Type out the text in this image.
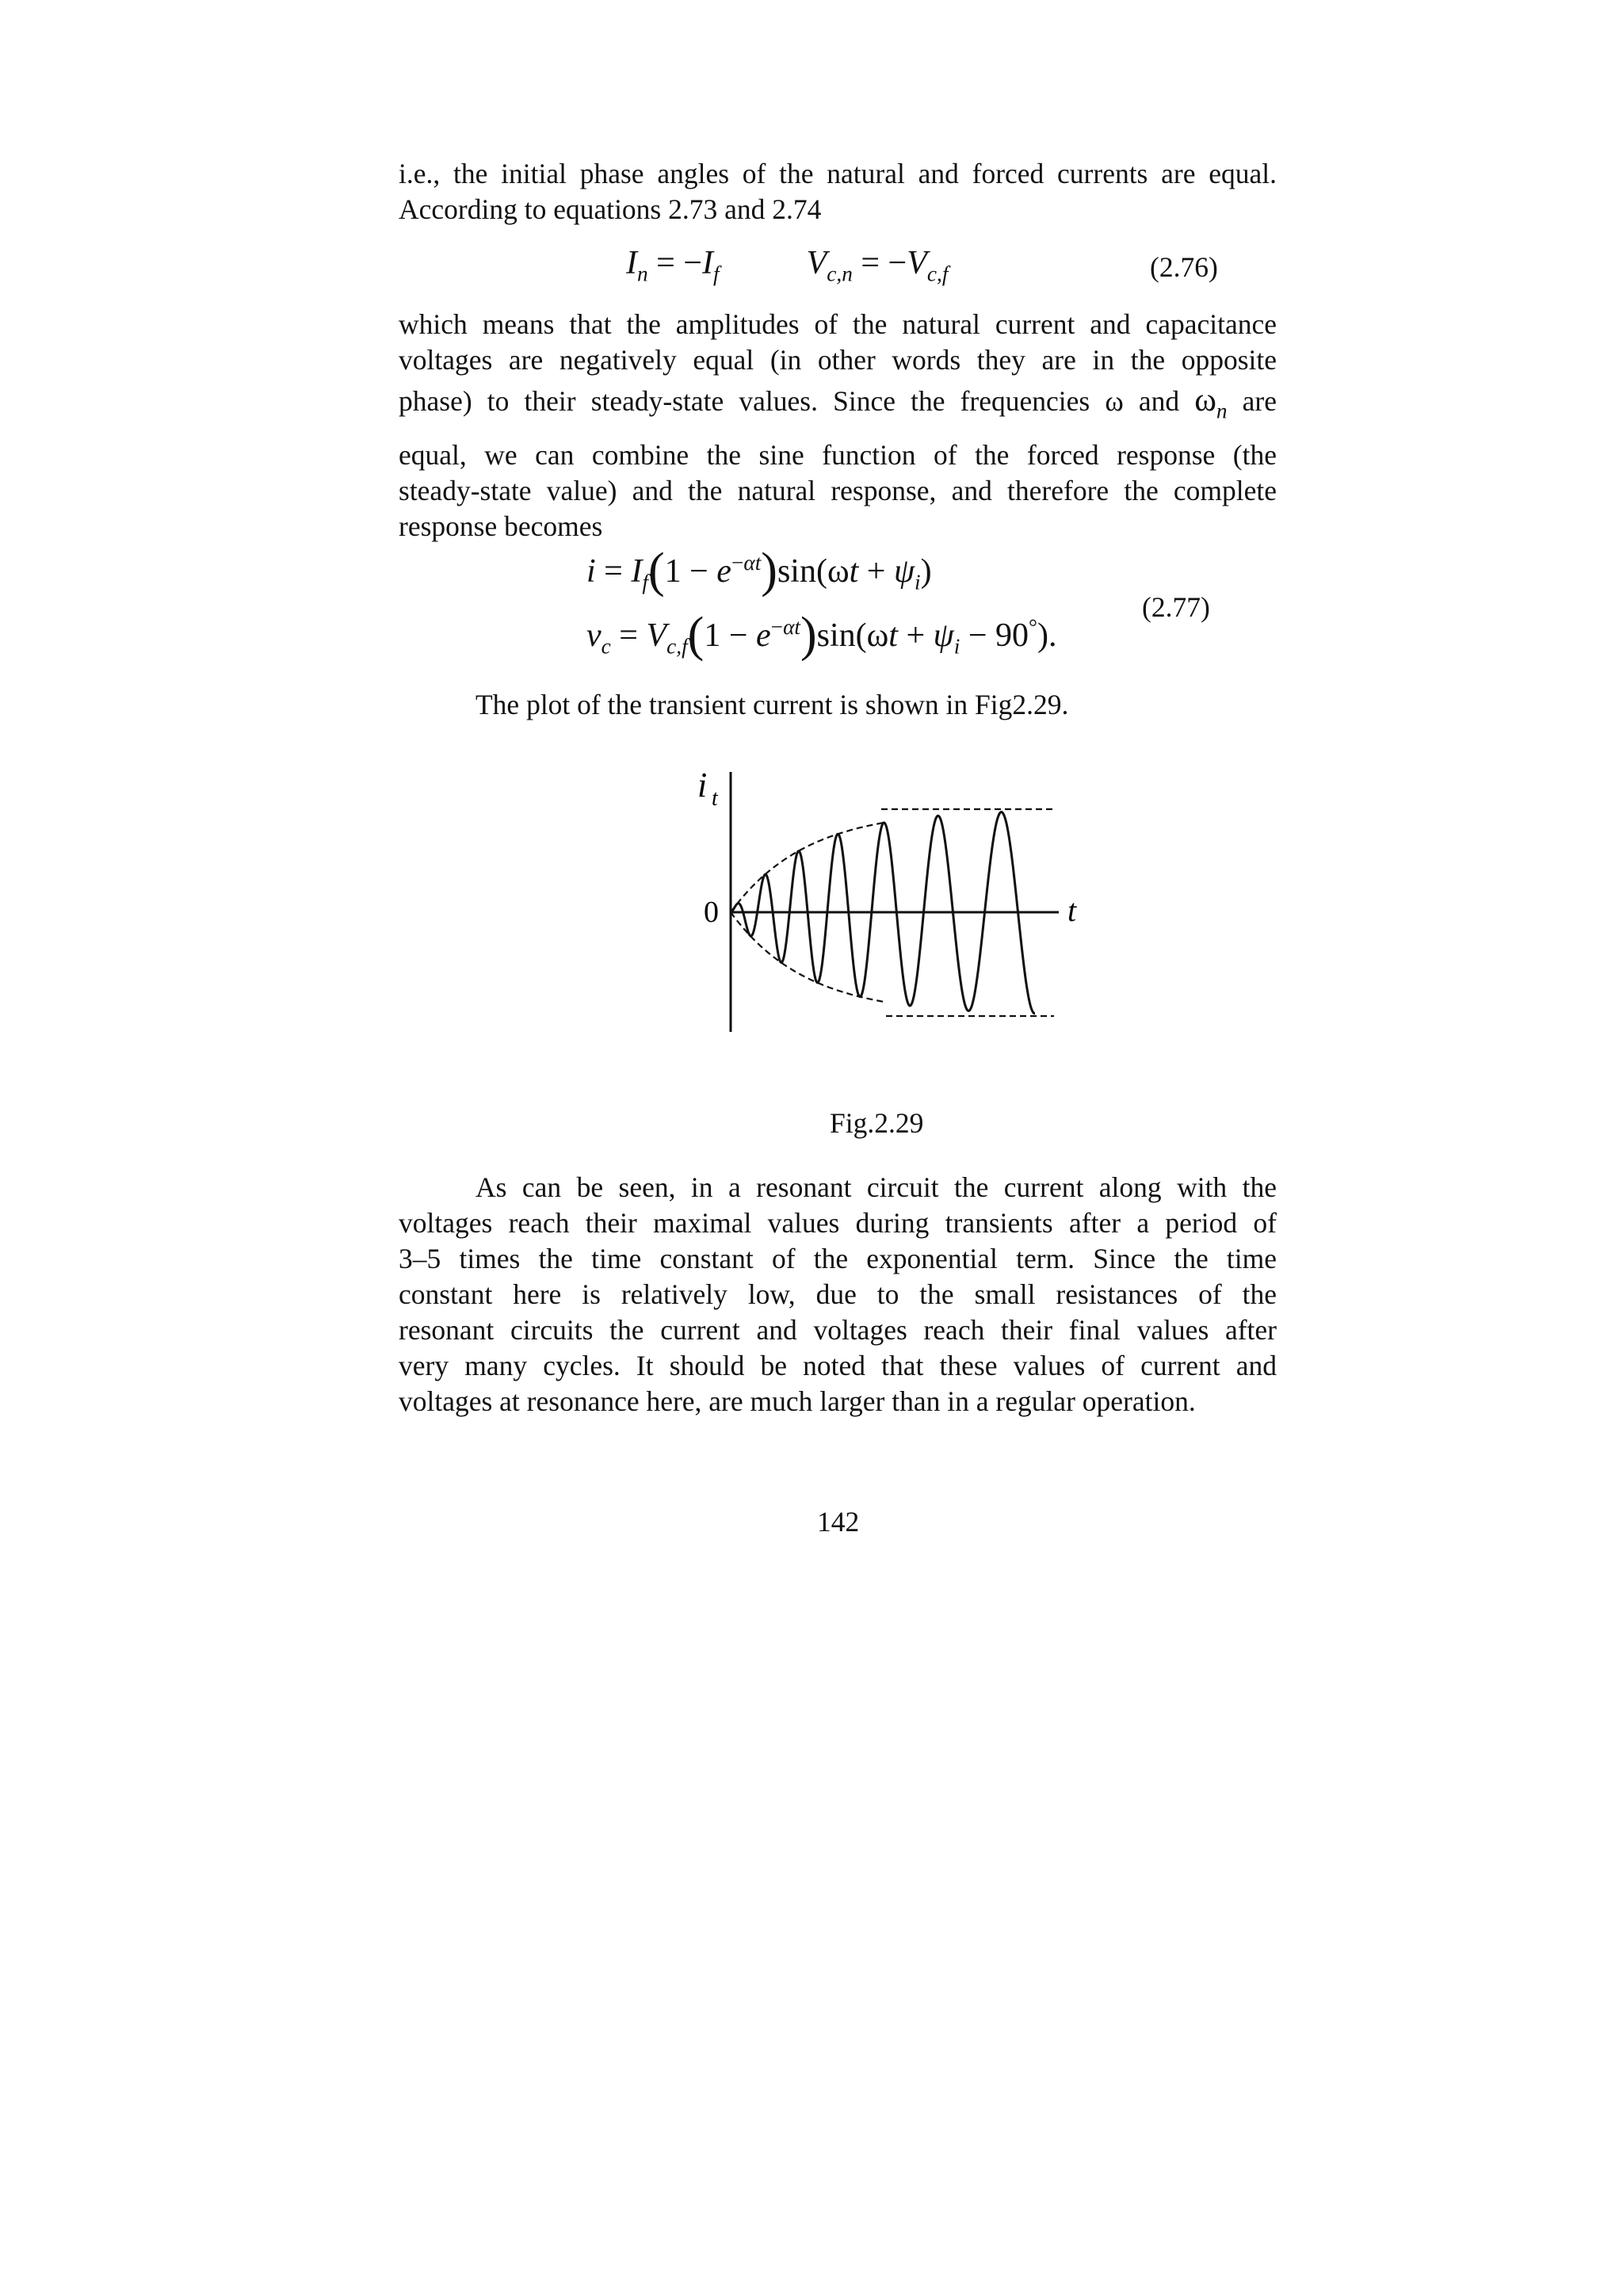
i.e., the initial phase angles of the natural and forced currents are equal.
According to equations 2.73 and 2.74
$I_n = -I_f$	$V_{c,n} = -V_{c,f}$	(2.76)
which means that the amplitudes of the natural current and capacitance
voltages are negatively equal (in other words they are in the opposite
phase) to their steady-state values. Since the frequencies ω and $\omega_n$ are
equal, we can combine the sine function of the forced response (the
steady-state value) and the natural response, and therefore the complete
response becomes
$i = I_f(1 - e^{-\alpha t})\sin(\omega t + \psi_i)$
$v_c = V_{c,f}(1 - e^{-\alpha t})\sin(\omega t + \psi_i - 90^\circ)$.
(2.77)
The plot of the transient current is shown in Fig2.29.
i t
0	t
Fig.2.29
As can be seen, in a resonant circuit the current along with the
voltages reach their maximal values during transients after a period of
3–5 times the time constant of the exponential term. Since the time
constant here is relatively low, due to the small resistances of the
resonant circuits the current and voltages reach their final values after
very many cycles. It should be noted that these values of current and
voltages at resonance here, are much larger than in a regular operation.
142
